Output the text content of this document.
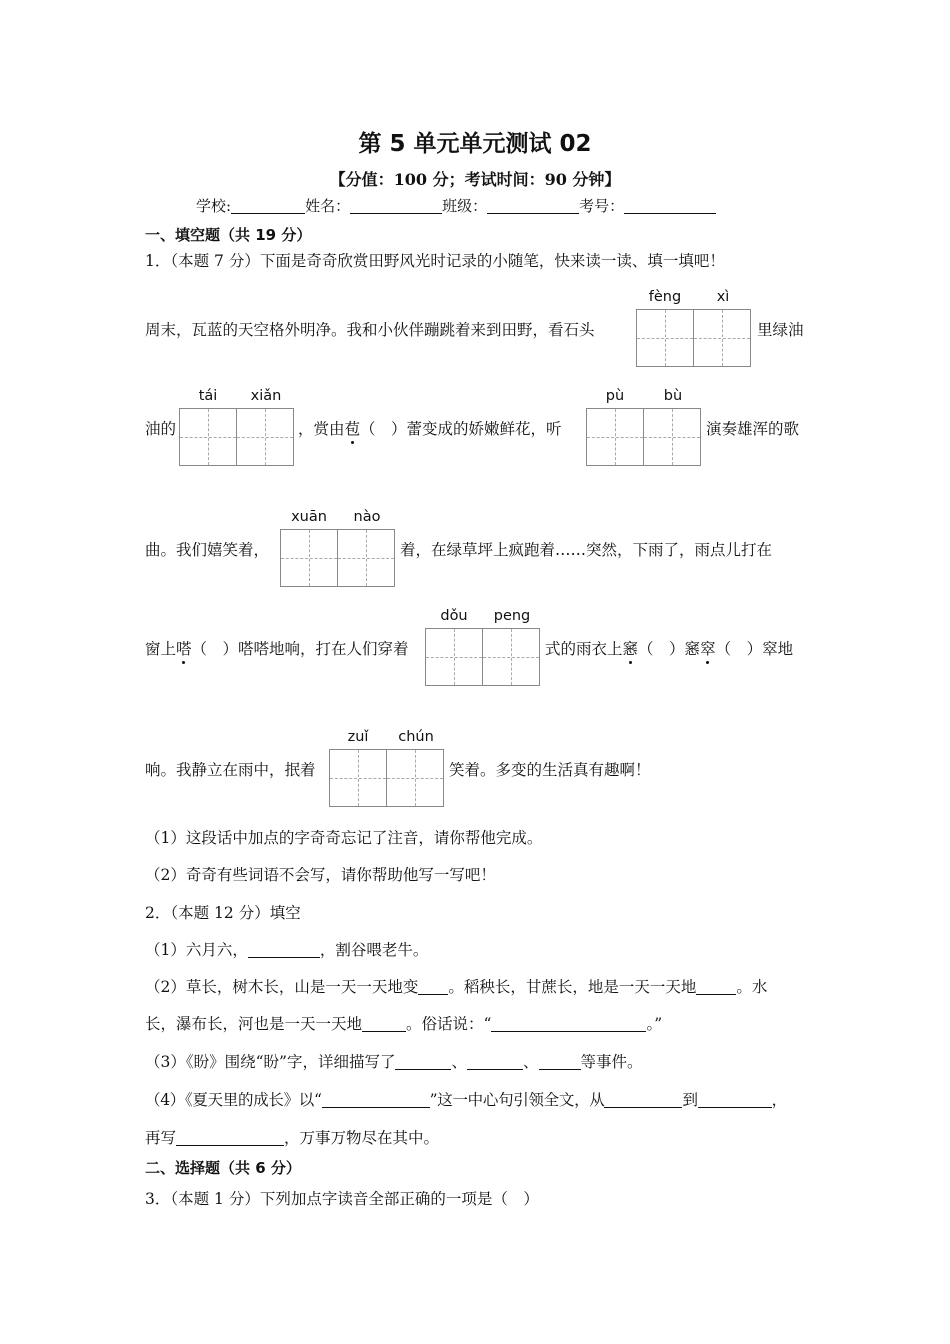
第 5 单元单元测试 02
【分值：100 分；考试时间：90 分钟】
学校:	姓名：	班级：	考号：
一、填空题（共 19 分）
1．（本题 7 分）下面是奇奇欣赏田野风光时记录的小随笔，快来读一读、填一填吧！
周末，瓦蓝的天空格外明净。我和小伙伴蹦跳着来到田野，看石头
fèng	xì
里绿油
油的
tái	xiǎn
，赏由苞（　）蕾变成的娇嫩鲜花，听
pù	bù
演奏雄浑的歌
曲。我们嬉笑着，
xuān	nào
着，在绿草坪上疯跑着……突然，下雨了，雨点儿打在
窗上嗒（　）嗒嗒地响，打在人们穿着
dǒu	peng
式的雨衣上窸（　）窸窣（　）窣地
响。我静立在雨中，抿着
zuǐ	chún
笑着。多变的生活真有趣啊！
（1）这段话中加点的字奇奇忘记了注音，请你帮他完成。
（2）奇奇有些词语不会写，请你帮助他写一写吧！
2．（本题 12 分）填空
（1）六月六，	，割谷喂老牛。
（2）草长，树木长，山是一天一天地变 。稻秧长，甘蔗长，地是一天一天地	。水
长，瀑布长，河也是一天一天地	。俗话说：“	。”
（3）《盼》围绕“盼”字，详细描写了	、	、	等事件。
（4）《夏天里的成长》以“	”这一中心句引领全文，从	到	，
再写	，万事万物尽在其中。
二、选择题（共 6 分）
3．（本题 1 分）下列加点字读音全部正确的一项是（　）
